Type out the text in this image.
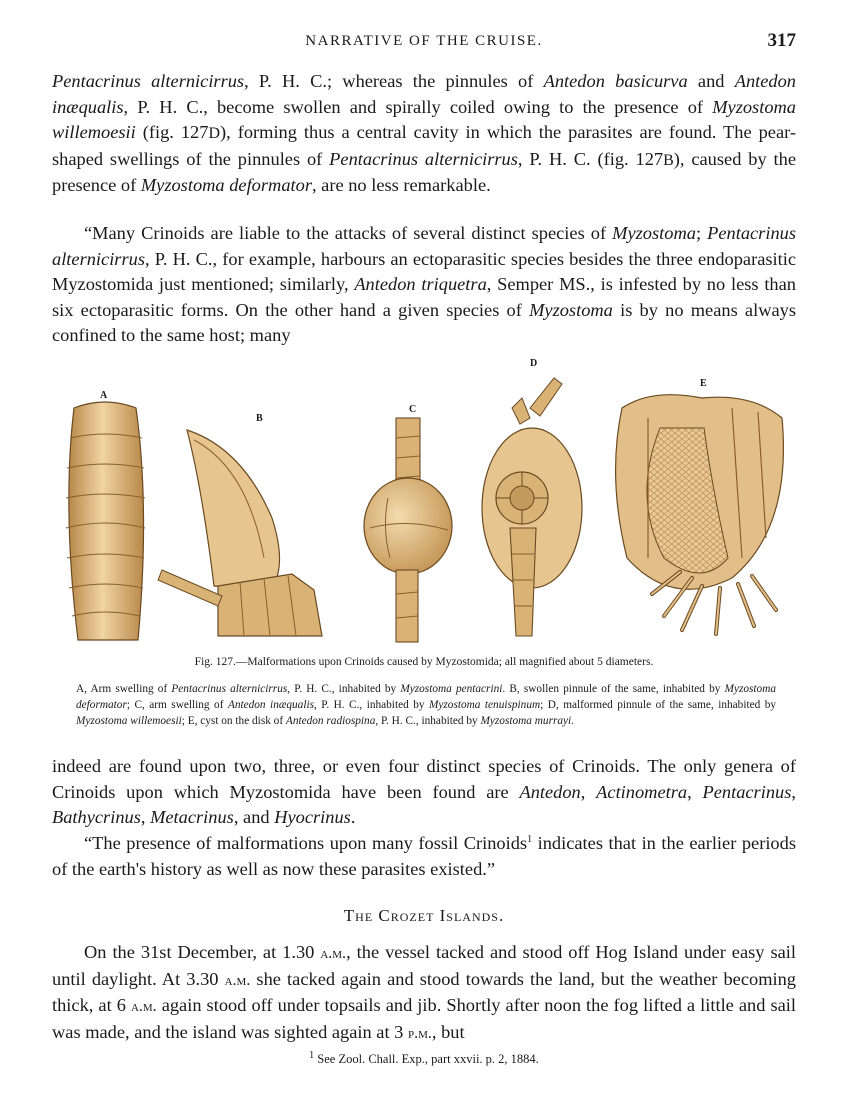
NARRATIVE OF THE CRUISE.	317

Pentacrinus alternicirrus, P. H. C.; whereas the pinnules of Antedon basicurva and Antedon inæqualis, P. H. C., become swollen and spirally coiled owing to the presence of Myzostoma willemoesii (fig. 127D), forming thus a central cavity in which the parasites are found. The pear-shaped swellings of the pinnules of Pentacrinus alternicirrus, P. H. C. (fig. 127B), caused by the presence of Myzostoma deformator, are no less remarkable.

“Many Crinoids are liable to the attacks of several distinct species of Myzostoma; Pentacrinus alternicirrus, P. H. C., for example, harbours an ectoparasitic species besides the three endoparasitic Myzostomida just mentioned; similarly, Antedon triquetra, Semper MS., is infested by no less than six ectoparasitic forms. On the other hand a given species of Myzostoma is by no means always confined to the same host; many

A
B
C
D
E
Fig. 127.—Malformations upon Crinoids caused by Myzostomida; all magnified about 5 diameters.

A, Arm swelling of Pentacrinus alternicirrus, P. H. C., inhabited by Myzostoma pentacrini. B, swollen pinnule of the same, inhabited by Myzostoma deformator; C, arm swelling of Antedon inæqualis, P. H. C., inhabited by Myzostoma tenuispinum; D, malformed pinnule of the same, inhabited by Myzostoma willemoesii; E, cyst on the disk of Antedon radiospina, P. H. C., inhabited by Myzostoma murrayi.

indeed are found upon two, three, or even four distinct species of Crinoids. The only genera of Crinoids upon which Myzostomida have been found are Antedon, Actinometra, Pentacrinus, Bathycrinus, Metacrinus, and Hyocrinus.

“The presence of malformations upon many fossil Crinoids$^1$ indicates that in the earlier periods of the earth's history as well as now these parasites existed.”

The Crozet Islands.

On the 31st December, at 1.30 a.m., the vessel tacked and stood off Hog Island under easy sail until daylight. At 3.30 a.m. she tacked again and stood towards the land, but the weather becoming thick, at 6 a.m. again stood off under topsails and jib. Shortly after noon the fog lifted a little and sail was made, and the island was sighted again at 3 p.m., but

$^1$ See Zool. Chall. Exp., part xxvii. p. 2, 1884.
